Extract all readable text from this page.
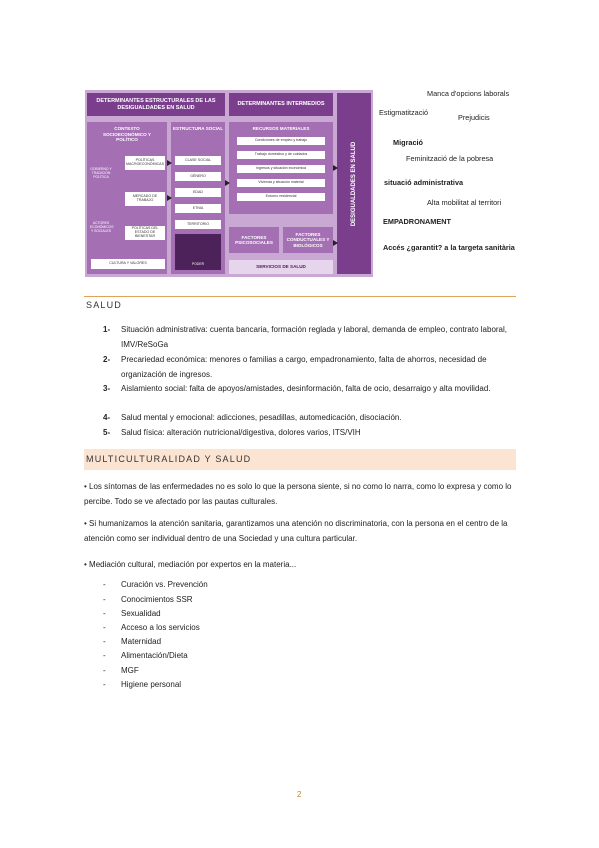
DETERMINANTES ESTRUCTURALES DE LAS DESIGUALDADES EN SALUD
DETERMINANTES INTERMEDIOS
CONTEXTO SOCIOECONÓMICO Y POLÍTICO
GOBIERNO Y TRADICIÓN POLÍTICA
ACTORES ECONÓMICOS Y SOCIALES
POLÍTICAS MACROECONÓMICAS
MERCADO DE TRABAJO
POLÍTICAS DEL ESTADO DE BIENESTAR
CULTURA Y VALORES
ESTRUCTURA SOCIAL
CLASE SOCIAL
GÉNERO
EDAD
ETNIA
TERRITORIO
PODER
RECURSOS MATERIALES
Condiciones de empleo y trabajo
Trabajo doméstico y de cuidados
Ingresos y situación económica
Vivienda y situación material
Entorno residencial
FACTORES PSICOSOCIALES
FACTORES CONDUCTUALES Y BIOLÓGICOS
SERVICIOS DE SALUD
DESIGUALDADES EN SALUD
Manca d'opcions laborals
Estigmatització
Prejudicis
Migració
Feminització de la pobresa
situació administrativa
Alta mobilitat al territori
EMPADRONAMENT
Accés ¿garantit? a la targeta sanitària
SALUD
1- Situación administrativa: cuenta bancaria, formación reglada y laboral, demanda de empleo, contrato laboral, IMV/ReSoGa
2- Precariedad económica: menores o familias a cargo, empadronamiento, falta de ahorros, necesidad de organización de ingresos.
3- Aislamiento social: falta de apoyos/amistades, desinformación, falta de ocio, desarraigo y alta movilidad.
4- Salud mental y emocional: adicciones, pesadillas, automedicación, disociación.
5- Salud física: alteración nutricional/digestiva, dolores varios, ITS/VIH
MULTICULTURALIDAD Y SALUD
• Los síntomas de las enfermedades no es solo lo que la persona siente, si no como lo narra, como lo expresa y como lo percibe. Todo se ve afectado por las pautas culturales.
• Si humanizamos la atención sanitaria, garantizamos una atención no discriminatoria, con la persona en el centro de la atención como ser individual dentro de una Sociedad y una cultura particular.
• Mediación cultural, mediación por expertos en la materia...
- Curación vs. Prevención
- Conocimientos SSR
- Sexualidad
- Acceso a los servicios
- Maternidad
- Alimentación/Dieta
- MGF
- Higiene personal
2
